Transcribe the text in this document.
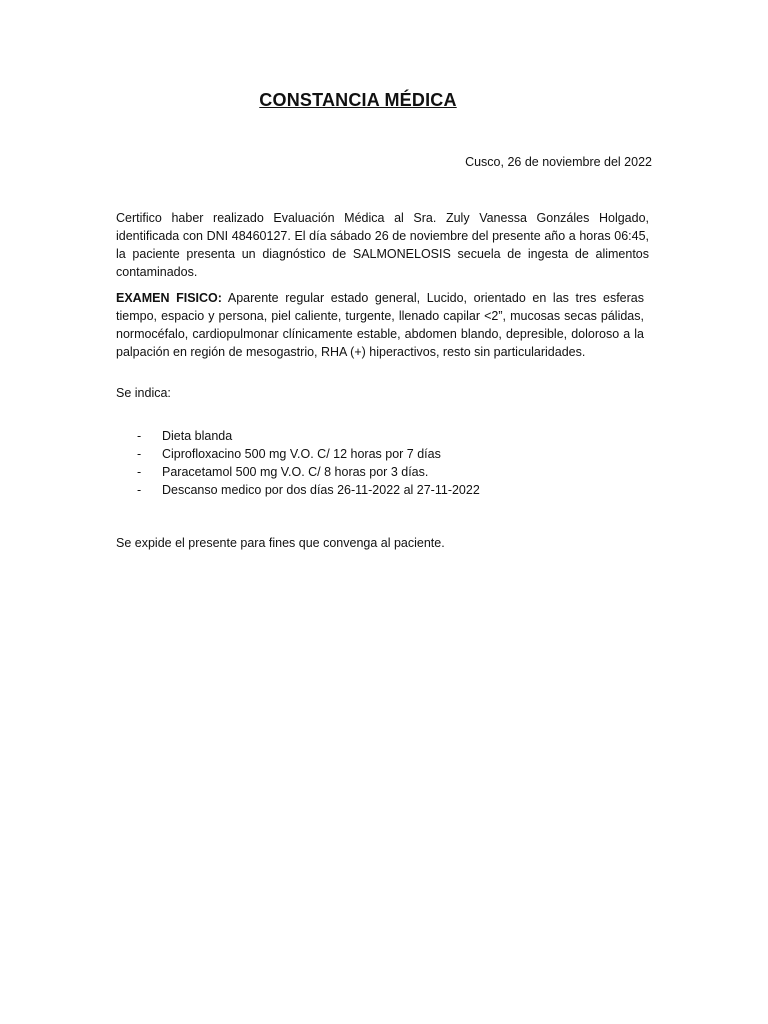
CONSTANCIA MÉDICA
Cusco, 26 de noviembre del 2022
Certifico haber realizado Evaluación Médica al Sra. Zuly Vanessa Gonzáles Holgado, identificada con DNI 48460127. El día sábado 26 de noviembre del presente año a horas 06:45, la paciente presenta un diagnóstico de SALMONELOSIS secuela de ingesta de alimentos contaminados.
EXAMEN FISICO: Aparente regular estado general, Lucido, orientado en las tres esferas tiempo, espacio y persona, piel caliente, turgente, llenado capilar <2”, mucosas secas pálidas, normocéfalo, cardiopulmonar clínicamente estable, abdomen blando, depresible, doloroso a la palpación en región de mesogastrio, RHA (+) hiperactivos, resto sin particularidades.
Se indica:
-	Dieta blanda
-	Ciprofloxacino 500 mg V.O. C/ 12 horas por 7 días
-	Paracetamol 500 mg V.O. C/ 8 horas por 3 días.
-	Descanso medico por dos días 26-11-2022 al 27-11-2022
Se expide el presente para fines que convenga al paciente.
